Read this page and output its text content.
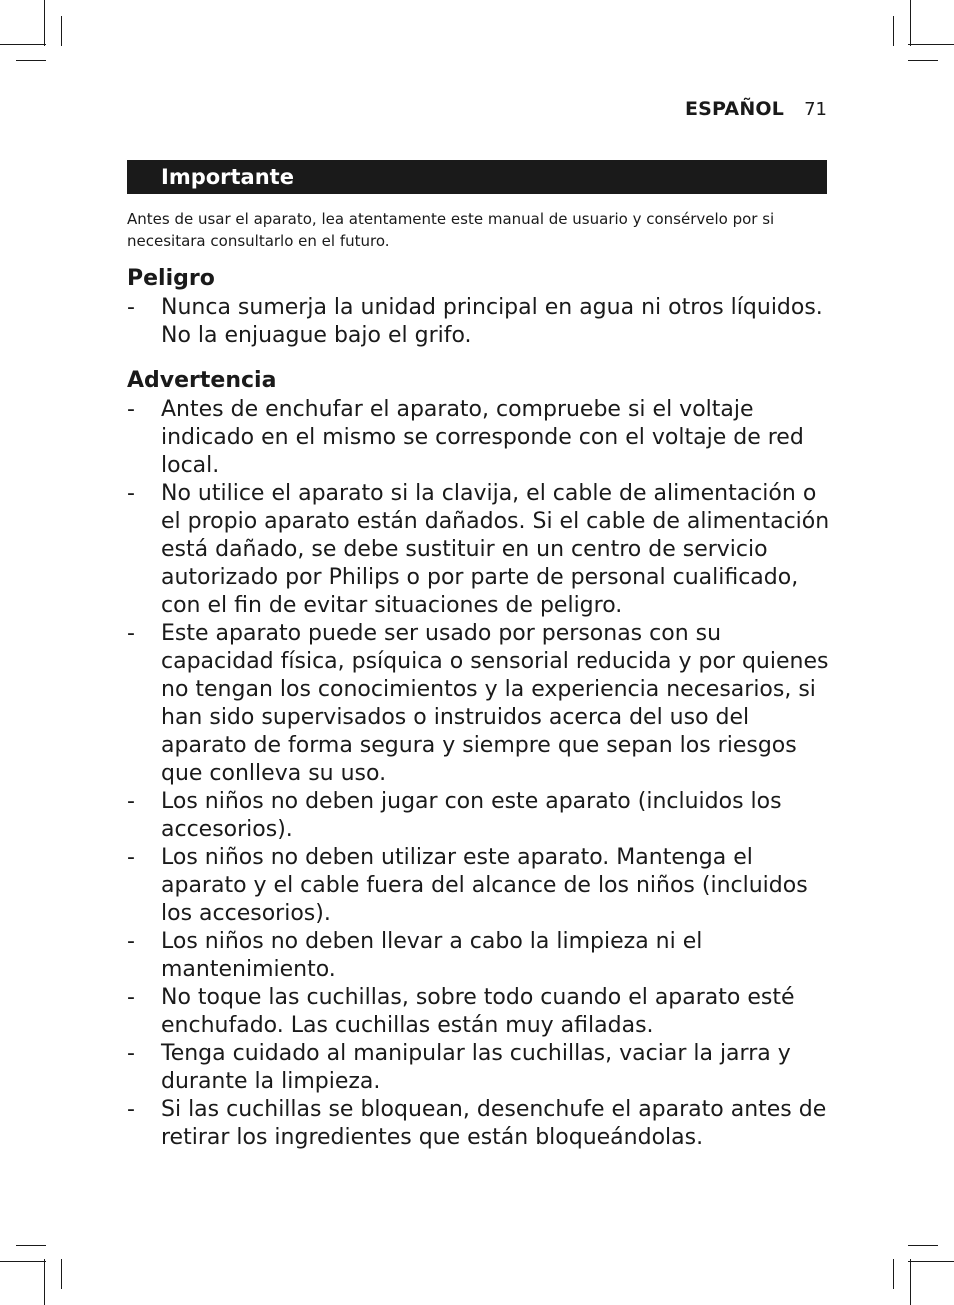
ESPAÑOL 71
Importante

Antes de usar el aparato, lea atentamente este manual de usuario y consérvelo por si necesitara consultarlo en el futuro.

Peligro
- Nunca sumerja la unidad principal en agua ni otros líquidos. No la enjuague bajo el grifo.
Advertencia
- Antes de enchufar el aparato, compruebe si el voltaje indicado en el mismo se corresponde con el voltaje de red local.
- No utilice el aparato si la clavija, el cable de alimentación o el propio aparato están dañados. Si el cable de alimentación está dañado, se debe sustituir en un centro de servicio autorizado por Philips o por parte de personal cualificado, con el fin de evitar situaciones de peligro.
- Este aparato puede ser usado por personas con su capacidad física, psíquica o sensorial reducida y por quienes no tengan los conocimientos y la experiencia necesarios, si han sido supervisados o instruidos acerca del uso del aparato de forma segura y siempre que sepan los riesgos que conlleva su uso.
- Los niños no deben jugar con este aparato (incluidos los accesorios).
- Los niños no deben utilizar este aparato. Mantenga el aparato y el cable fuera del alcance de los niños (incluidos los accesorios).
- Los niños no deben llevar a cabo la limpieza ni el mantenimiento.
- No toque las cuchillas, sobre todo cuando el aparato esté enchufado. Las cuchillas están muy afiladas.
- Tenga cuidado al manipular las cuchillas, vaciar la jarra y durante la limpieza.
- Si las cuchillas se bloquean, desenchufe el aparato antes de retirar los ingredientes que están bloqueándolas.
